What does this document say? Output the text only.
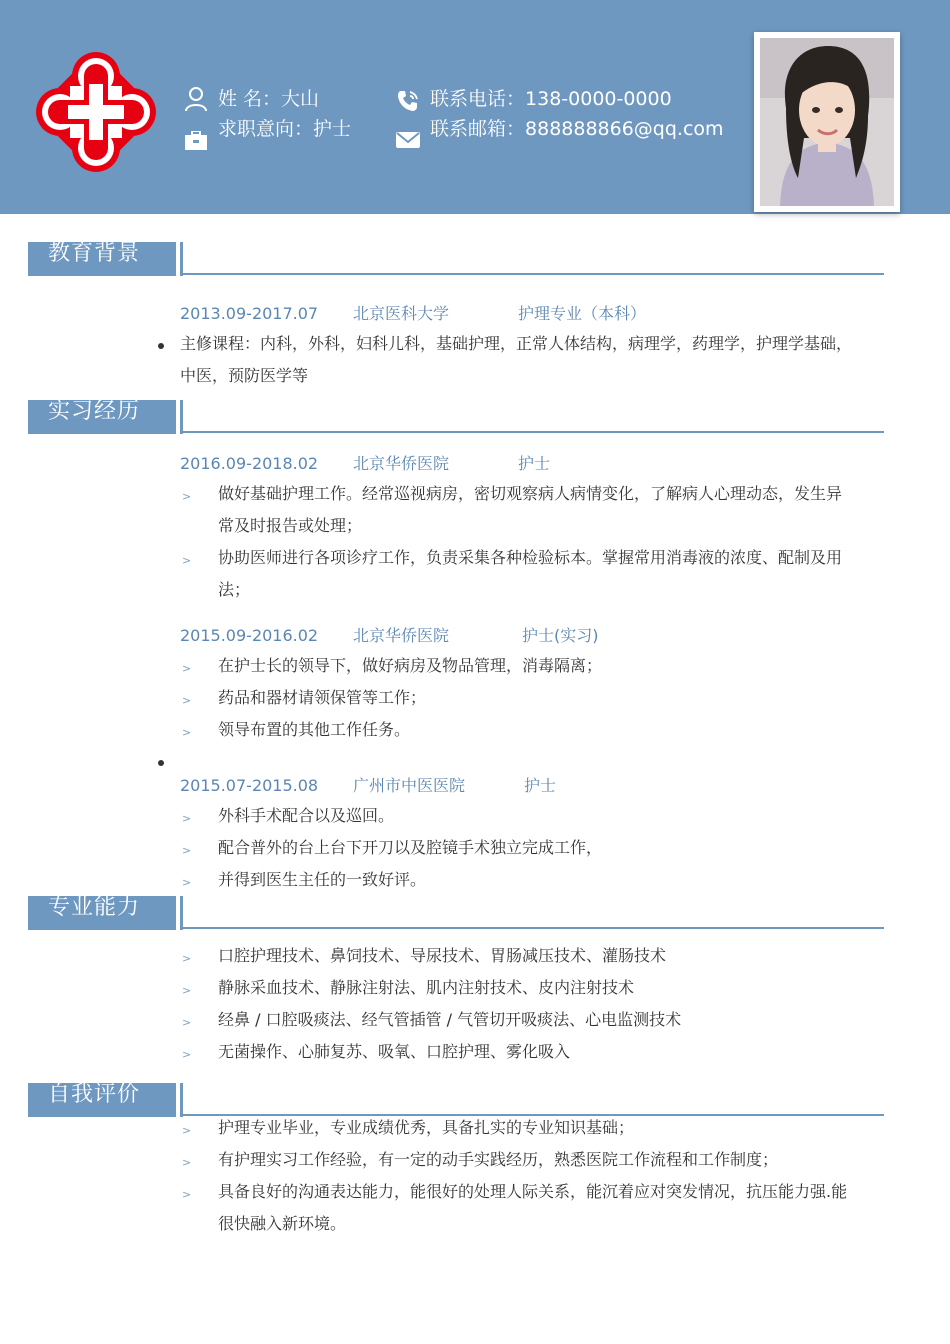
姓 名：大山
求职意向：护士
联系电话：138-0000-0000
联系邮箱：888888866@qq.com
教育背景
2013.09-2017.07 北京医科大学	护理专业（本科）
主修课程：内科，外科，妇科儿科，基础护理，正常人体结构，病理学，药理学，护理学基础，
中医，预防医学等
实习经历
2016.09-2018.02 北京华侨医院	护士
> 做好基础护理工作。经常巡视病房，密切观察病人病情变化，了解病人心理动态，发生异
常及时报告或处理；
> 协助医师进行各项诊疗工作，负责采集各种检验标本。掌握常用消毒液的浓度、配制及用
法；
2015.09-2016.02 北京华侨医院	护士(实习)
> 在护士长的领导下，做好病房及物品管理，消毒隔离；
> 药品和器材请领保管等工作；
> 领导布置的其他工作任务。
2015.07-2015.08 广州市中医医院	护士
> 外科手术配合以及巡回。
> 配合普外的台上台下开刀以及腔镜手术独立完成工作，
> 并得到医生主任的一致好评。
专业能力
> 口腔护理技术、鼻饲技术、导尿技术、胃肠减压技术、灌肠技术
> 静脉采血技术、静脉注射法、肌内注射技术、皮内注射技术
> 经鼻 / 口腔吸痰法、经气管插管 / 气管切开吸痰法、心电监测技术
> 无菌操作、心肺复苏、吸氧、口腔护理、雾化吸入
自我评价
> 护理专业毕业，专业成绩优秀，具备扎实的专业知识基础；
> 有护理实习工作经验，有一定的动手实践经历，熟悉医院工作流程和工作制度；
> 具备良好的沟通表达能力，能很好的处理人际关系，能沉着应对突发情况，抗压能力强.能
很快融入新环境。
